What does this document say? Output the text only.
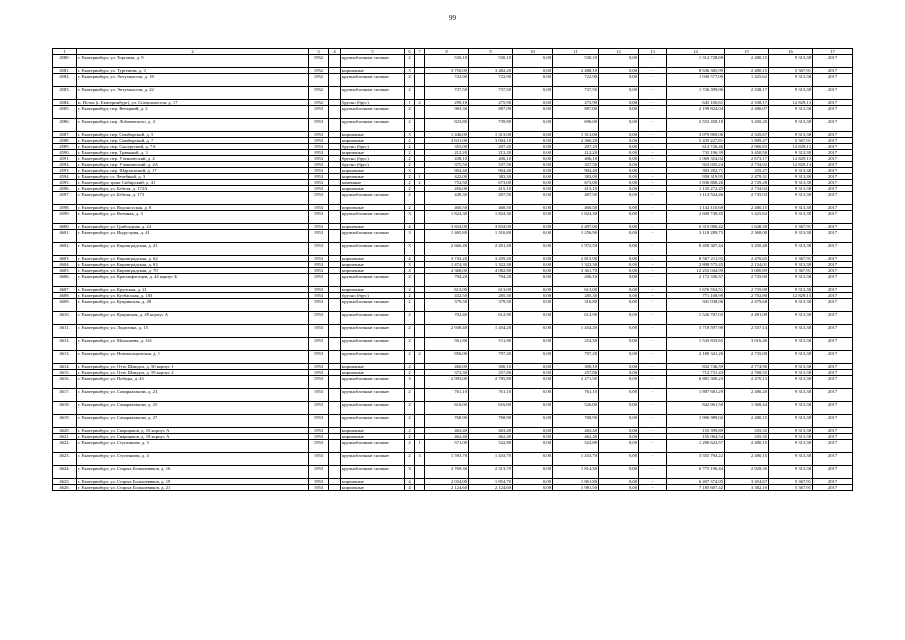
99
1	2	3	4	5	6	7	8	9	10	11	12	13	14	15	16	17
4580.	г. Екатеринбург, ул. Торговая, д. 9	1952		крупноблочные силикат	2		530,10	530,10	0,00	530,10	0,00	-	1 314 728,69	2 480,15	9 313,38	2017
4581.	г. Екатеринбург, ул. Тургенева, д. 3	1952		кирпичные	3		3 750,00	3 482,20	0,00	2 488,10	0,00	-	8 636 385,99	2 480,15	5 367,91	2017
4582.	г. Екатеринбург, ул. Эптухинстов, д. 18	1952		крупноблочные силикат	2		722,90	722,90	0,00	722,90	0,00	-	1 030 577,09	1 425,62	9 313,38	2017
4583.	г. Екатеринбург, ул. Эптухинстов, д. 22	1952		крупноблочные силикат	2		737,50	737,50	0,00	737,50	0,00	-	1 726 399,06	2 338,17	9 313,38	2017
4584.	п. Исток (г. Екатеринбург), ул. Специалистов, д. 17	1952		брусно (брус)	1	2	299,10	275,90	0,00	275,90	0,00	-	645 100,61	2 338,17	12 829,13	2017
4585.	г. Екатеринбург, пер. Вечерний, д. 2	1953		крупноблочные силикат	2		983,30	887,00	0,00	887,00	0,00	-	2 199 824,04	2 480,07	9 313,38	2017
4586.	г. Екатеринбург, пер. Лобачевского, д. 3	1953		крупноблочные силикат	2		823,80	739,80	0,00	696,00	0,00	-	2 552 458,18	3 450,20	9 313,38	2017
4587.	г. Екатеринбург, пер. Симбирский, д. 5	1953		кирпичные	3		1 446,00	1 313,00	0,00	1 313,00	0,00	-	3 079 869,06	2 345,67	9 313,38	2017
4588.	г. Екатеринбург, пер. Симбирский, д. 7	1953		кирпичные	4		3 631,00	3 004,10	0,00	2 360,20	0,00	-	5 435 227,81	1 809,27	5 367,91	2017
4589.	г. Екатеринбург, пер. Сысертский, д. 7А	1953		брусно (брус)	2		355,00	207,20	0,00	207,20	0,00	-	614 726,46	2 966,83	12 829,13	2017
4590.	г. Екатеринбург, пер. Травяный, д. 3	1953		кирпичные	2		212,20	212,20	0,00	212,20	0,00	-	732 196,39	3 450,50	9 313,38	2017
4591.	г. Екатеринбург, пер. Ученический, д. 4	1953		брусно (брус)	2		438,10	406,10	0,00	406,10	0,00	-	1 069 354,04	2 673,17	12 829,13	2017
4592.	г. Екатеринбург, пер. Ученический, д. 4А	1953		брусно (брус)	2		375,50	337,50	0,00	337,50	0,00	-	923 035,24	2 734,92	12 829,13	2017
4593.	г. Екатеринбург, пер. Шарташский, д. 17	1953		кирпичные	3		904,40	904,40	0,00	904,40	0,00	-	303 282,71	335,27	9 313,38	2017
4594.	г. Екатеринбург, ст. Лечебный, д. 3	1953		кирпичные	2	1	422,00	383,30	0,00	383,00	0,00	-	950 319,95	2 479,31	9 313,38	2017
4595.	г. Екатеринбург, тракт Сибирский, д. 41	1953		каменные	2	2	752,50	673,00	0,00	673,00	0,00	-	1 836 808,26	2 729,28	9 313,38	2017
4596.	г. Екатеринбург, ул. Бебеля, д. 172А	1953		кирпичные	2		456,00	415,10	0,00	415,10	0,00	-	1 135 272,45	2 734,94	9 313,38	2017
4597.	г. Екатеринбург, ул. Бебеля, д. 173	1953		крупноблочные силикат	2		449,30	407,50	0,00	407,50	0,00	-	1 114 524,46	2 735,03	9 313,38	2017
4598.	г. Екатеринбург, ул. Водоносская, д. 8	1953		кирпичные	2		460,50	460,50	0,00	460,50	0,00	-	1 142 110,69	2 480,15	9 313,38	2017
4599.	г. Екатеринбург, ул. Военная, д. 3	1953		крупноблочные силикат	3		1 824,30	1 824,30	0,00	1 824,30	0,00	-	2 600 749,45	1 425,62	9 313,38	2017
4600.	г. Екатеринбург, ул. Грибоедова, д. 24	1953		кирпичные	4		3 834,00	3 834,00	0,00	2 497,00	0,00	-	6 319 900,42	1 648,38	5 367,91	2017
4601.	г. Екатеринбург, ул. Индустрия, д. 41	1953		крупноблочные силикат	3		1 465,80	1 316,80	0,00	1 256,90	0,00	-	3 118 289,73	2 368,08	9 313,38	2017
4602.	г. Екатеринбург, ул. Кировградская, д. 41	1953		крупноблочные силикат	3		2 666,40	2 451,40	0,00	1 972,50	0,00	-	8 458 307,44	3 450,40	9 313,38	2017
4603.	г. Екатеринбург, ул. Кировградская, д. 62	1953		кирпичные	4		3 743,20	3 459,20	0,00	2 815,90	0,00	-	8 567 211,93	2 476,65	5 367,91	2017
4604.	г. Екатеринбург, ул. Кировградская, д. 63	1953		кирпичные	3		1 474,30	1 322,30	0,00	1 322,30	0,00	-	2 808 575,45	2 124,01	9 313,38	2017
4605.	г. Екатеринбург, ул. Кировградская, д. 70	1953		кирпичные	4		4 368,00	4 082,80	0,00	3 361,70	0,00	-	12 252 044,99	3 000,89	5 367,91	2017
4606.	г. Екатеринбург, ул. Краснофлотцев, д. 44 корпус Б	1953		крупноблочные силикат	2		794,20	794,20	0,00	206,10	0,00	-	2 172 336,57	2 735,00	9 313,38	2017
4607.	г. Екатеринбург, ул. Крупская, д. 21	1953		кирпичные	2		613,00	613,00	0,00	613,00	0,00	-	1 676 554,51	2 735,00	9 313,38	2017
4608.	г. Екатеринбург, ул. Кузбасская, д. 183	1953		брусно (брус)	2		432,50	285,30	0,00	285,30	0,00	-	771 108,99	2 702,80	12 829,13	2017
4609.	г. Екатеринбург, ул. Куприяская, д. 49	1953		крупноблочные силикат	2		379,50	379,50	0,00	316,80	0,00	-	941 038,06	2 479,68	9 313,38	2017
4610.	г. Екатеринбург, ул. Куприская, д. 49 корпус А	1953		крупноблочные силикат	2		702,40	612,90	0,00	612,90	0,00	-	1 526 787,03	2 491,09	9 313,38	2017
4611.	г. Екатеринбург, ул. Лоджгина, д. 15	1953		крупноблочные силикат	2		2 949,40	1 454,20	0,00	1 454,20	0,00	-	3 718 597,90	2 557,14	9 313,38	2017
4612.	г. Екатеринбург, ул. Малышева, д. 141	1953		крупноблочные силикат	2		561,80	511,80	0,00	254,30	0,00	-	1 543 833,65	3 016,48	9 313,38	2017
4613.	г. Екатеринбург, ул. Новокольцовская, д. 1	1953		крупноблочные силикат	2	2	856,00	797,20	0,00	797,20	0,00	-	2 180 341,26	2 735,00	9 313,38	2017
4614.	г. Екатеринбург, ул. Отто Шмидта, д. 50 корпус 1	1953		кирпичные	2		460,00	300,10	0,00	300,10	0,00	-	832 746,59	2 774,90	9 313,38	2017
4615.	г. Екатеринбург, ул. Отто Шмидта, д. 59 корпус 2	1953		кирпичные	2		373,30	257,80	0,00	257,80	0,00	-	712 731,43	2 768,55	9 313,38	2017
4616.	г. Екатеринбург, ул. Победы, д. 43	1953		крупноблочные силикат	3		2 995,00	2 785,80	0,00	2 271,50	0,00	-	6 881 300,23	2 470,13	9 313,38	2017
4617.	г. Екатеринбург, ул. Самарказакова, д. 23	1953		крупноблочные силикат	2		761,10	761,10	0,00	761,10	0,00	-	1 887 681,29	2 480,20	9 313,38	2017
4618.	г. Екатеринбург, ул. Самарказакова, д. 25	1953		крупноблочные силикат	2		616,00	616,00	0,00	526,00	0,00	-	842 961,50	1 368,44	9 313,38	2017
4619.	г. Екатеринбург, ул. Самарказакова, д. 27	1953		крупноблочные силикат	2		768,90	768,90	0,00	768,90	0,00	-	1 906 989,02	2 480,15	9 313,38	2017
4620.	г. Екатеринбург, ул. Сварщиков, д. 16 корпус А	1953		кирпичные	2		463,40	463,40	0,00	463,40	0,00	-	155 399,89	335,35	9 313,38	2017
4621.	г. Екатеринбург, ул. Сварщиков, д. 18 корпус А	1953		кирпичные	2		462,40	462,40	0,00	462,40	0,00	-	155 064,54	335,35	9 313,38	2017
4622.	г. Екатеринбург, ул. Ступенкова, д. 3	1953		крупноблочные силикат	2	1	571,00	522,80	0,00	522,80	0,00	-	1 296 623,57	2 480,15	9 313,38	2017
4623.	г. Екатеринбург, ул. Ступенкова, д. 4	1953		крупноблочные силикат	2	3	1 593,70	1 433,70	0,00	1 433,70	0,00	-	3 555 794,22	2 480,15	9 313,38	2017
4624.	г. Екатеринбург, ул. Старых Большевиков, д. 16	1953		крупноблочные силикат	3		2 769,30	2 313,70	0,00	1 814,30	0,00	-	6 775 196,44	2 928,30	9 313,38	2017
4625.	г. Екатеринбург, ул. Старых Большевиков, д. 19	1953		кирпичные	4		2 034,00	1 854,70	0,00	1 861,80	0,00	-	6 407 374,05	3 454,67	5 367,91	2017
4626.	г. Екатеринбург, ул. Старых Большевиков, д. 21	1953		кирпичные	4		2 124,60	2 124,60	0,00	1 981,50	0,00	-	7 185 607,42	3 382,10	5 367,91	2017
